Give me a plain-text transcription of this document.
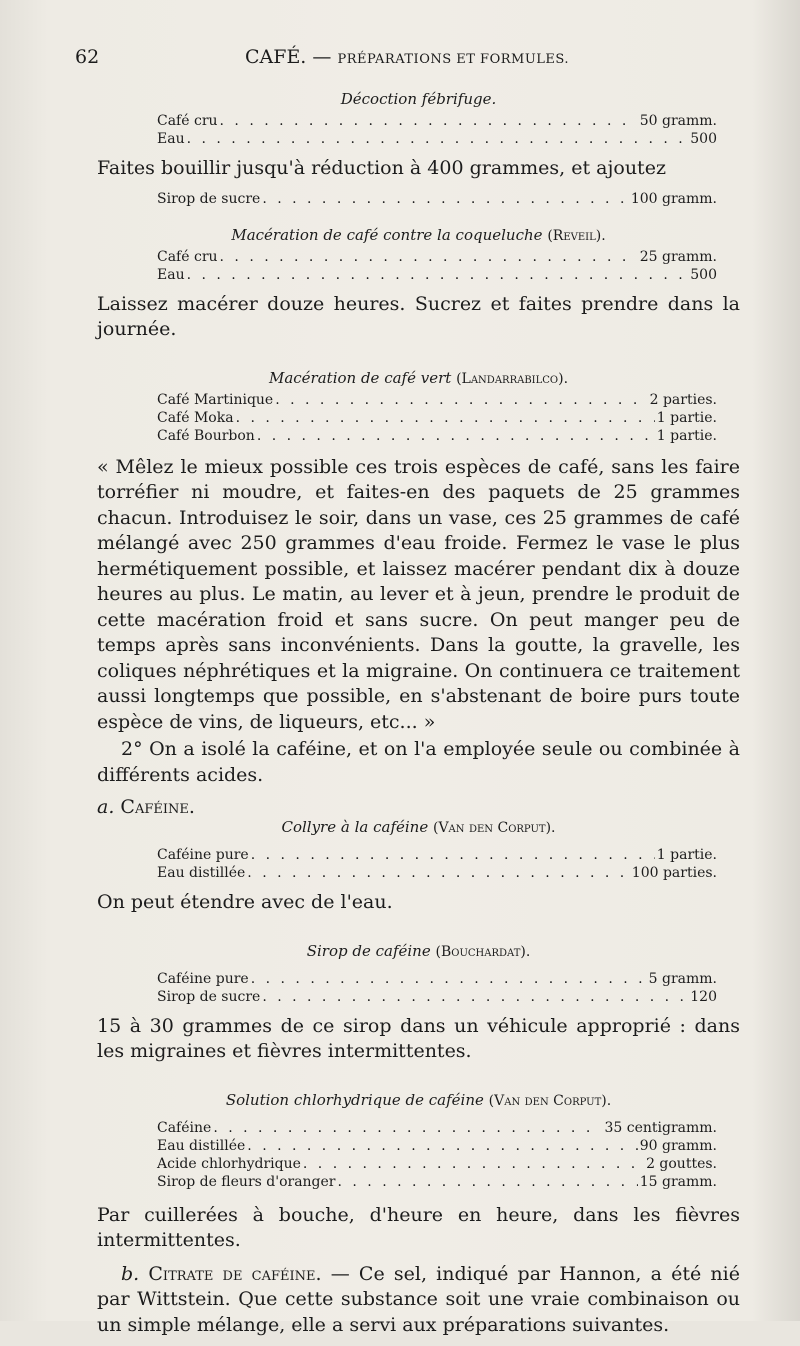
62	CAFÉ. — PRÉPARATIONS ET FORMULES.
Décoction fébrifuge.
Café cru . . .	50 gramm.
Eau . . .	500

Faites bouillir jusqu'à réduction à 400 grammes, et ajoutez

Sirop de sucre . . .	100 gramm.
Macération de café contre la coqueluche (Reveil).
Café cru . . .	25 gramm.
Eau . . .	500

Laissez macérer douze heures. Sucrez et faites prendre dans la journée.

Macération de café vert (Landarrabilco).
Café Martinique . . .	2 parties.
Café Moka . . .	1 partie.
Café Bourbon . . .	1 partie.

« Mêlez le mieux possible ces trois espèces de café, sans les faire torréfier ni moudre, et faites-en des paquets de 25 grammes chacun. Introduisez le soir, dans un vase, ces 25 grammes de café mélangé avec 250 grammes d'eau froide. Fermez le vase le plus hermétiquement possible, et laissez macérer pendant dix à douze heures au plus. Le matin, au lever et à jeun, prendre le produit de cette macération froid et sans sucre. On peut manger peu de temps après sans inconvénients. Dans la goutte, la gravelle, les coliques néphrétiques et la migraine. On continuera ce traitement aussi longtemps que possible, en s'abstenant de boire purs toute espèce de vins, de liqueurs, etc... »

2° On a isolé la caféine, et on l'a employée seule ou combinée à différents acides.

a. Caféine.
Collyre à la caféine (Van den Corput).
Caféine pure . . .	1 partie.
Eau distillée . . .	100 parties.

On peut étendre avec de l'eau.

Sirop de caféine (Bouchardat).
Caféine pure . . .	5 gramm.
Sirop de sucre . . .	120

15 à 30 grammes de ce sirop dans un véhicule approprié : dans les migraines et fièvres intermittentes.

Solution chlorhydrique de caféine (Van den Corput).
Caféine . . .	35 centigramm.
Eau distillée . . .	90 gramm.
Acide chlorhydrique . . .	2 gouttes.
Sirop de fleurs d'oranger . . .	15 gramm.

Par cuillerées à bouche, d'heure en heure, dans les fièvres intermittentes.

b. Citrate de caféine. — Ce sel, indiqué par Hannon, a été nié par Wittstein. Que cette substance soit une vraie combinaison ou un simple mélange, elle a servi aux préparations suivantes.
